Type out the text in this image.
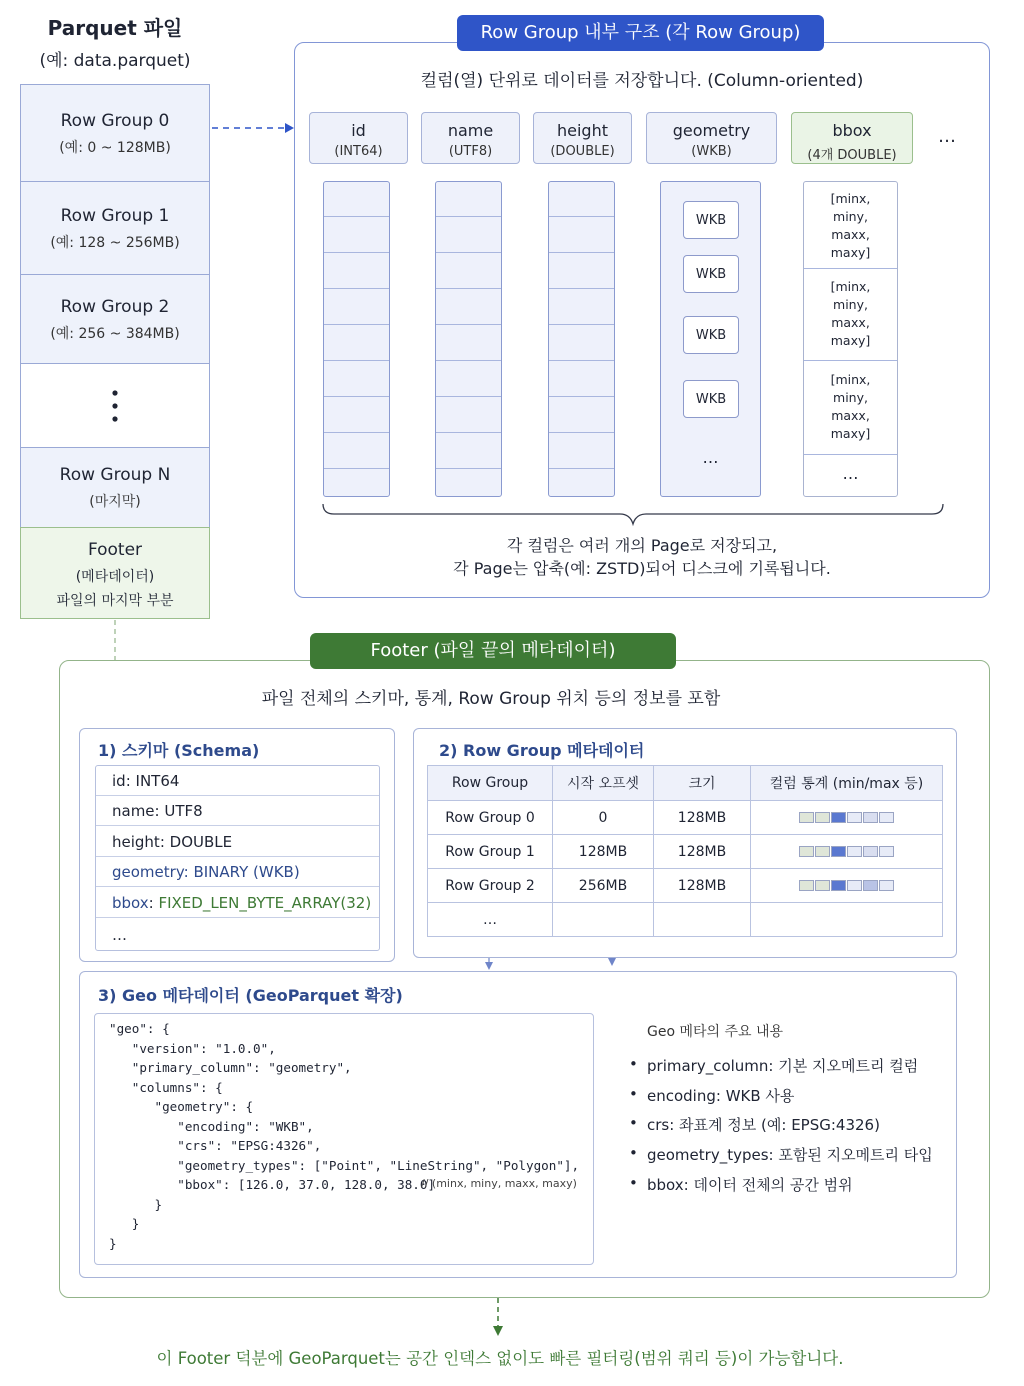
Parquet 파일
(예: data.parquet)
Row Group 0
(예: 0 ~ 128MB)
Row Group 1
(예: 128 ~ 256MB)
Row Group 2
(예: 256 ~ 384MB)
Row Group N
(마지막)
Footer
(메타데이터)
파일의 마지막 부분
Row Group 내부 구조 (각 Row Group)
컬럼(열) 단위로 데이터를 저장합니다. (Column-oriented)
id
(INT64)
name
(UTF8)
height
(DOUBLE)
geometry
(WKB)
bbox
(4개 DOUBLE)
…
WKB
WKB
WKB
WKB
…
[minx,
miny,
maxx,
maxy]
[minx,
miny,
maxx,
maxy]
[minx,
miny,
maxx,
maxy]
…
각 컬럼은 여러 개의 Page로 저장되고,
각 Page는 압축(예: ZSTD)되어 디스크에 기록됩니다.
Footer (파일 끝의 메타데이터)
파일 전체의 스키마, 통계, Row Group 위치 등의 정보를 포함
1) 스키마 (Schema)
id: INT64
name: UTF8
height: DOUBLE
geometry: BINARY (WKB)
bbox: FIXED_LEN_BYTE_ARRAY(32)
…
2) Row Group 메타데이터
Row Group	시작 오프셋	크기	컬럼 통계 (min/max 등)
Row Group 0	0	128MB	
Row Group 1	128MB	128MB	
Row Group 2	256MB	128MB	
…			
3) Geo 메타데이터 (GeoParquet 확장)
"geo": {
"version": "1.0.0",
"primary_column": "geometry",
"columns": {
"geometry": {
"encoding": "WKB",
"crs": "EPSG:4326",
"geometry_types": ["Point", "LineString", "Polygon"],
"bbox": [126.0, 37.0, 128.0, 38.0]
}
}
}
// (minx, miny, maxx, maxy)
Geo 메타의 주요 내용
• primary_column: 기본 지오메트리 컬럼
• encoding: WKB 사용
• crs: 좌표계 정보 (예: EPSG:4326)
• geometry_types: 포함된 지오메트리 타입
• bbox: 데이터 전체의 공간 범위
이 Footer 덕분에 GeoParquet는 공간 인덱스 없이도 빠른 필터링(범위 쿼리 등)이 가능합니다.
